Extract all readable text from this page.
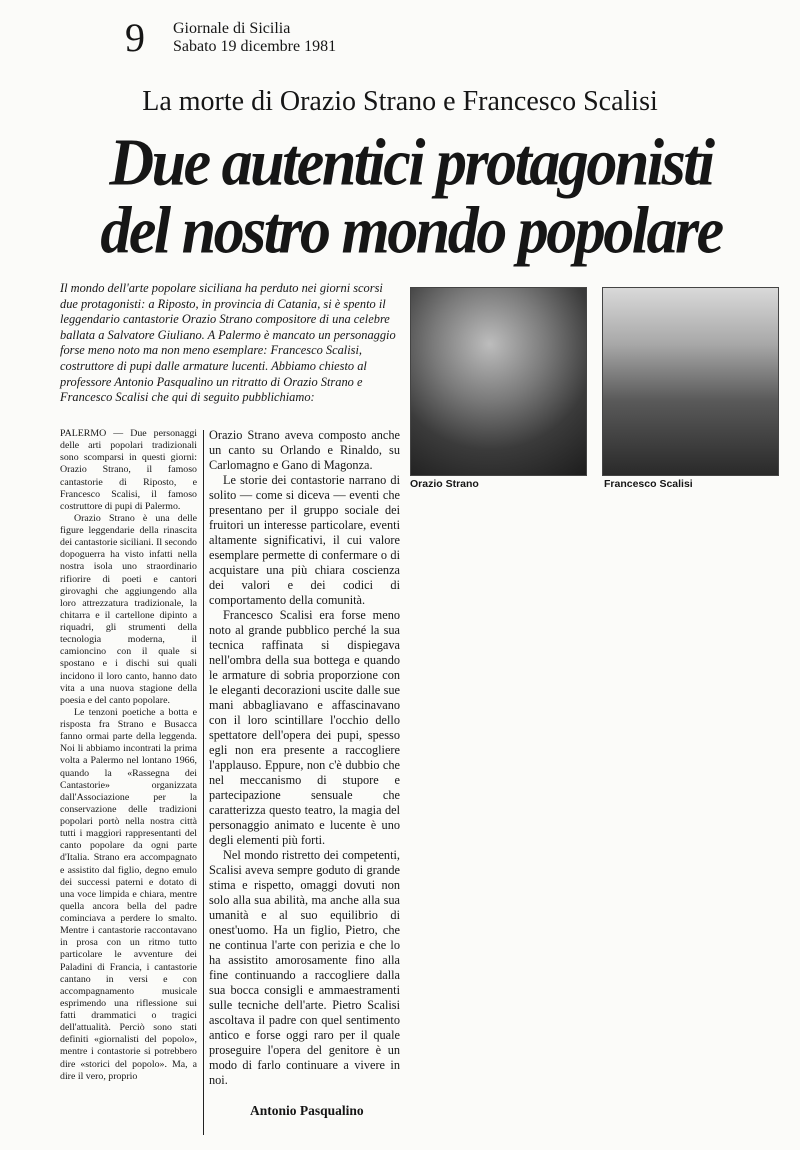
9 Giornale di Sicilia
Sabato 19 dicembre 1981
La morte di Orazio Strano e Francesco Scalisi
Due autentici protagonisti
del nostro mondo popolare
Il mondo dell'arte popolare siciliana ha perduto nei giorni scorsi due protagonisti: a Riposto, in provincia di Catania, si è spento il leggendario cantastorie Orazio Strano compositore di una celebre ballata a Salvatore Giuliano. A Palermo è mancato un personaggio forse meno noto ma non meno esemplare: Francesco Scalisi, costruttore di pupi dalle armature lucenti. Abbiamo chiesto al professore Antonio Pasqualino un ritratto di Orazio Strano e Francesco Scalisi che qui di seguito pubblichiamo:
Orazio Strano	Francesco Scalisi

PALERMO — Due personaggi delle arti popolari tradizionali sono scomparsi in questi giorni: Orazio Strano, il famoso cantastorie di Riposto, e Francesco Scalisi, il famoso costruttore di pupi di Palermo.

Orazio Strano è una delle figure leggendarie della rinascita dei cantastorie siciliani. Il secondo dopoguerra ha visto infatti nella nostra isola uno straordinario rifiorire di poeti e cantori girovaghi che aggiungendo alla loro attrezzatura tradizionale, la chitarra e il cartellone dipinto a riquadri, gli strumenti della tecnologia moderna, il camioncino con il quale si spostano e i dischi sui quali incidono il loro canto, hanno dato vita a una nuova stagione della poesia e del canto popolare.

Le tenzoni poetiche a botta e risposta fra Strano e Busacca fanno ormai parte della leggenda. Noi li abbiamo incontrati la prima volta a Palermo nel lontano 1966, quando la «Rassegna dei Cantastorie» organizzata dall'Associazione per la conservazione delle tradizioni popolari portò nella nostra città tutti i maggiori rappresentanti del canto popolare da ogni parte d'Italia. Strano era accompagnato e assistito dal figlio, degno emulo dei successi paterni e dotato di una voce limpida e chiara, mentre quella ancora bella del padre cominciava a perdere lo smalto. Mentre i cantastorie raccontavano in prosa con un ritmo tutto particolare le avventure dei Paladini di Francia, i cantastorie cantano in versi e con accompagnamento musicale esprimendo una riflessione sui fatti drammatici o tragici dell'attualità. Perciò sono stati definiti «giornalisti del popolo», mentre i contastorie si potrebbero dire «storici del popolo». Ma, a dire il vero, proprio

Orazio Strano aveva composto anche un canto su Orlando e Rinaldo, su Carlomagno e Gano di Magonza.

Le storie dei contastorie narrano di solito — come si diceva — eventi che presentano per il gruppo sociale dei fruitori un interesse particolare, eventi altamente significativi, il cui valore esemplare permette di confermare o di acquistare una più chiara coscienza dei valori e dei codici di comportamento della comunità.

Francesco Scalisi era forse meno noto al grande pubblico perché la sua tecnica raffinata si dispiegava nell'ombra della sua bottega e quando le armature di sobria proporzione con le eleganti decorazioni uscite dalle sue mani abbagliavano e affascinavano con il loro scintillare l'occhio dello spettatore dell'opera dei pupi, spesso egli non era presente a raccogliere l'applauso. Eppure, non c'è dubbio che nel meccanismo di stupore e partecipazione sensuale che caratterizza questo teatro, la magia del personaggio animato e lucente è uno degli elementi più forti.

Nel mondo ristretto dei competenti, Scalisi aveva sempre goduto di grande stima e rispetto, omaggi dovuti non solo alla sua abilità, ma anche alla sua umanità e al suo equilibrio di onest'uomo. Ha un figlio, Pietro, che ne continua l'arte con perizia e che lo ha assistito amorosamente fino alla fine continuando a raccogliere dalla sua bocca consigli e ammaestramenti sulle tecniche dell'arte. Pietro Scalisi ascoltava il padre con quel sentimento antico e forse oggi raro per il quale proseguire l'opera del genitore è un modo di farlo continuare a vivere in noi.

Antonio Pasqualino
